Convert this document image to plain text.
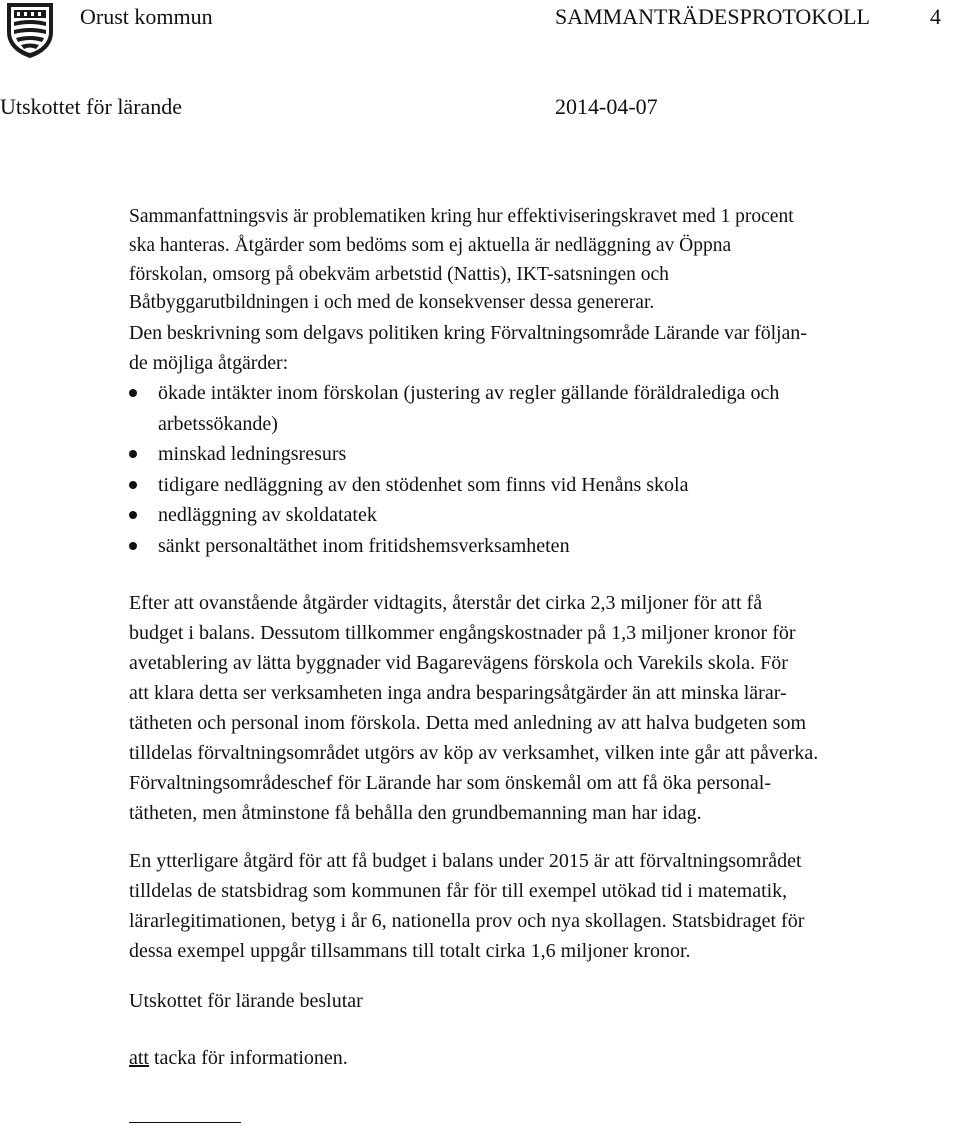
Orust kommun	SAMMANTRÄDESPROTOKOLL	4
Utskottet för lärande	2014-04-07
Sammanfattningsvis är problematiken kring hur effektiviseringskravet med 1 procent
ska hanteras. Åtgärder som bedöms som ej aktuella är nedläggning av Öppna
förskolan, omsorg på obekväm arbetstid (Nattis), IKT-satsningen och
Båtbyggarutbildningen i och med de konsekvenser dessa genererar.
Den beskrivning som delgavs politiken kring Förvaltningsområde Lärande var följan-
de möjliga åtgärder:
ökade intäkter inom förskolan (justering av regler gällande föräldralediga och
arbetssökande)
minskad ledningsresurs
tidigare nedläggning av den stödenhet som finns vid Henåns skola
nedläggning av skoldatatek
sänkt personaltäthet inom fritidshemsverksamheten
Efter att ovanstående åtgärder vidtagits, återstår det cirka 2,3 miljoner för att få
budget i balans. Dessutom tillkommer engångskostnader på 1,3 miljoner kronor för
avetablering av lätta byggnader vid Bagarevägens förskola och Varekils skola. För
att klara detta ser verksamheten inga andra besparingsåtgärder än att minska lärar-
tätheten och personal inom förskola. Detta med anledning av att halva budgeten som
tilldelas förvaltningsområdet utgörs av köp av verksamhet, vilken inte går att påverka.
Förvaltningsområdeschef för Lärande har som önskemål om att få öka personal-
tätheten, men åtminstone få behålla den grundbemanning man har idag.
En ytterligare åtgärd för att få budget i balans under 2015 är att förvaltningsområdet
tilldelas de statsbidrag som kommunen får för till exempel utökad tid i matematik,
lärarlegitimationen, betyg i år 6, nationella prov och nya skollagen. Statsbidraget för
dessa exempel uppgår tillsammans till totalt cirka 1,6 miljoner kronor.
Utskottet för lärande beslutar
att tacka för informationen.
